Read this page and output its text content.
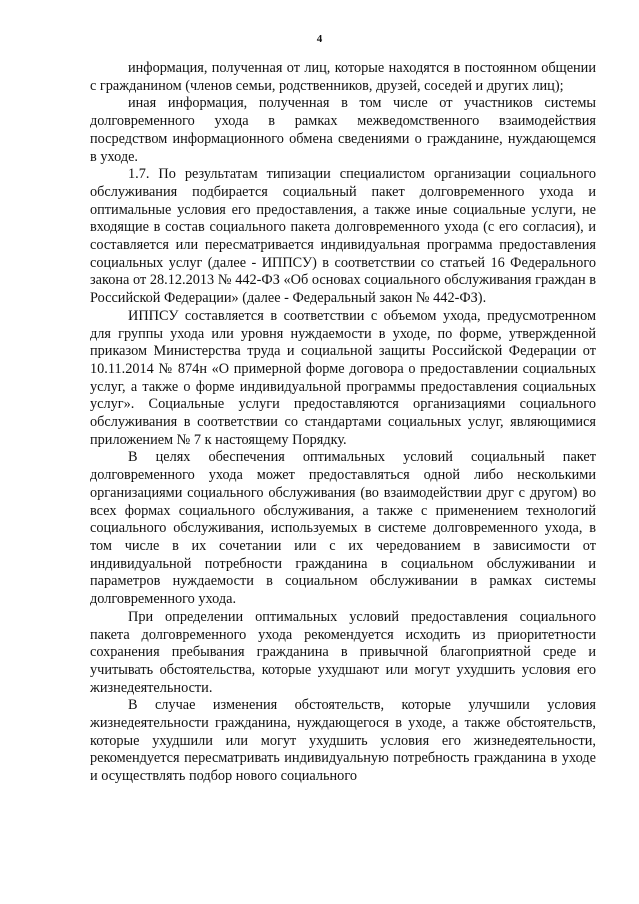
4

информация, полученная от лиц, которые находятся в постоянном общении с гражданином (членов семьи, родственников, друзей, соседей и других лиц);

иная информация, полученная в том числе от участников системы долговременного ухода в рамках межведомственного взаимодействия посредством информационного обмена сведениями о гражданине, нуждающемся в уходе.

1.7. По результатам типизации специалистом организации социального обслуживания подбирается социальный пакет долговременного ухода и оптимальные условия его предоставления, а также иные социальные услуги, не входящие в состав социального пакета долговременного ухода (с его согласия), и составляется или пересматривается индивидуальная программа предоставления социальных услуг (далее - ИППСУ) в соответствии со статьей 16 Федерального закона от 28.12.2013 № 442-ФЗ «Об основах социального обслуживания граждан в Российской Федерации» (далее - Федеральный закон № 442-ФЗ).

ИППСУ составляется в соответствии с объемом ухода, предусмотренном для группы ухода или уровня нуждаемости в уходе, по форме, утвержденной приказом Министерства труда и социальной защиты Российской Федерации от 10.11.2014 № 874н «О примерной форме договора о предоставлении социальных услуг, а также о форме индивидуальной программы предоставления социальных услуг». Социальные услуги предоставляются организациями социального обслуживания в соответствии со стандартами социальных услуг, являющимися приложением № 7 к настоящему Порядку.

В целях обеспечения оптимальных условий социальный пакет долговременного ухода может предоставляться одной либо несколькими организациями социального обслуживания (во взаимодействии друг с другом) во всех формах социального обслуживания, а также с применением технологий социального обслуживания, используемых в системе долговременного ухода, в том числе в их сочетании или с их чередованием в зависимости от индивидуальной потребности гражданина в социальном обслуживании и параметров нуждаемости в социальном обслуживании в рамках системы долговременного ухода.

При определении оптимальных условий предоставления социального пакета долговременного ухода рекомендуется исходить из приоритетности сохранения пребывания гражданина в привычной благоприятной среде и учитывать обстоятельства, которые ухудшают или могут ухудшить условия его жизнедеятельности.

В случае изменения обстоятельств, которые улучшили условия жизнедеятельности гражданина, нуждающегося в уходе, а также обстоятельств, которые ухудшили или могут ухудшить условия его жизнедеятельности, рекомендуется пересматривать индивидуальную потребность гражданина в уходе и осуществлять подбор нового социального
